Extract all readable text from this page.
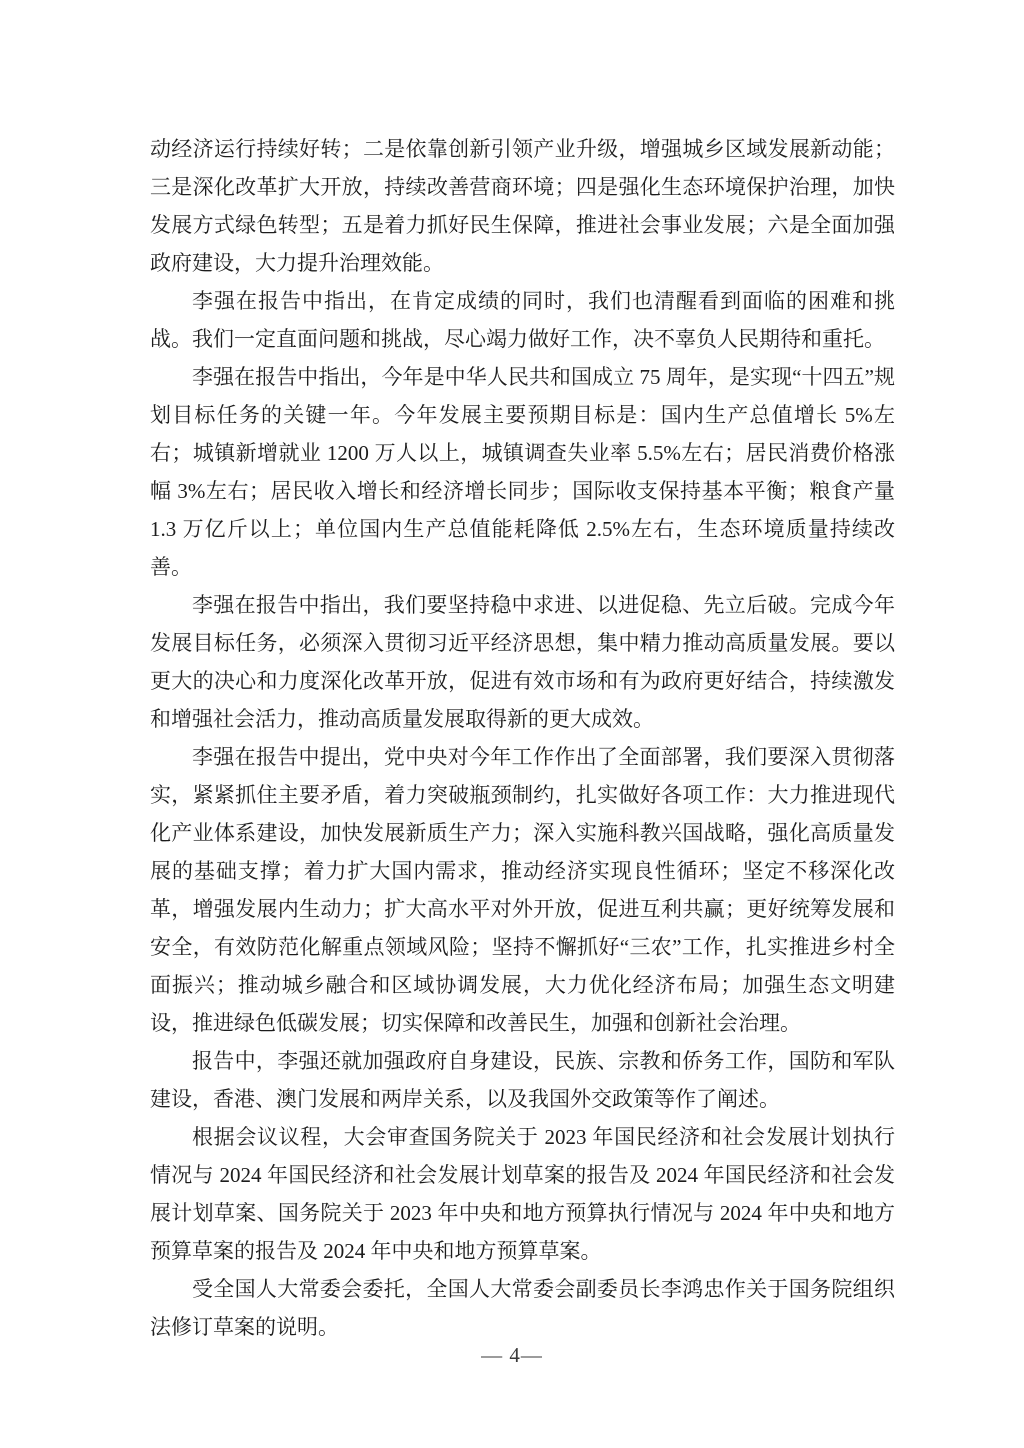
动经济运行持续好转；二是依靠创新引领产业升级，增强城乡区域发展新动能；三是深化改革扩大开放，持续改善营商环境；四是强化生态环境保护治理，加快发展方式绿色转型；五是着力抓好民生保障，推进社会事业发展；六是全面加强政府建设，大力提升治理效能。

李强在报告中指出，在肯定成绩的同时，我们也清醒看到面临的困难和挑战。我们一定直面问题和挑战，尽心竭力做好工作，决不辜负人民期待和重托。

李强在报告中指出，今年是中华人民共和国成立 75 周年，是实现“十四五”规划目标任务的关键一年。今年发展主要预期目标是：国内生产总值增长 5%左右；城镇新增就业 1200 万人以上，城镇调查失业率 5.5%左右；居民消费价格涨幅 3%左右；居民收入增长和经济增长同步；国际收支保持基本平衡；粮食产量 1.3 万亿斤以上；单位国内生产总值能耗降低 2.5%左右，生态环境质量持续改善。

李强在报告中指出，我们要坚持稳中求进、以进促稳、先立后破。完成今年发展目标任务，必须深入贯彻习近平经济思想，集中精力推动高质量发展。要以更大的决心和力度深化改革开放，促进有效市场和有为政府更好结合，持续激发和增强社会活力，推动高质量发展取得新的更大成效。

李强在报告中提出，党中央对今年工作作出了全面部署，我们要深入贯彻落实，紧紧抓住主要矛盾，着力突破瓶颈制约，扎实做好各项工作：大力推进现代化产业体系建设，加快发展新质生产力；深入实施科教兴国战略，强化高质量发展的基础支撑；着力扩大国内需求，推动经济实现良性循环；坚定不移深化改革，增强发展内生动力；扩大高水平对外开放，促进互利共赢；更好统筹发展和安全，有效防范化解重点领域风险；坚持不懈抓好“三农”工作，扎实推进乡村全面振兴；推动城乡融合和区域协调发展，大力优化经济布局；加强生态文明建设，推进绿色低碳发展；切实保障和改善民生，加强和创新社会治理。

报告中，李强还就加强政府自身建设，民族、宗教和侨务工作，国防和军队建设，香港、澳门发展和两岸关系，以及我国外交政策等作了阐述。

根据会议议程，大会审查国务院关于 2023 年国民经济和社会发展计划执行情况与 2024 年国民经济和社会发展计划草案的报告及 2024 年国民经济和社会发展计划草案、国务院关于 2023 年中央和地方预算执行情况与 2024 年中央和地方预算草案的报告及 2024 年中央和地方预算草案。

受全国人大常委会委托，全国人大常委会副委员长李鸿忠作关于国务院组织法修订草案的说明。

— 4—
